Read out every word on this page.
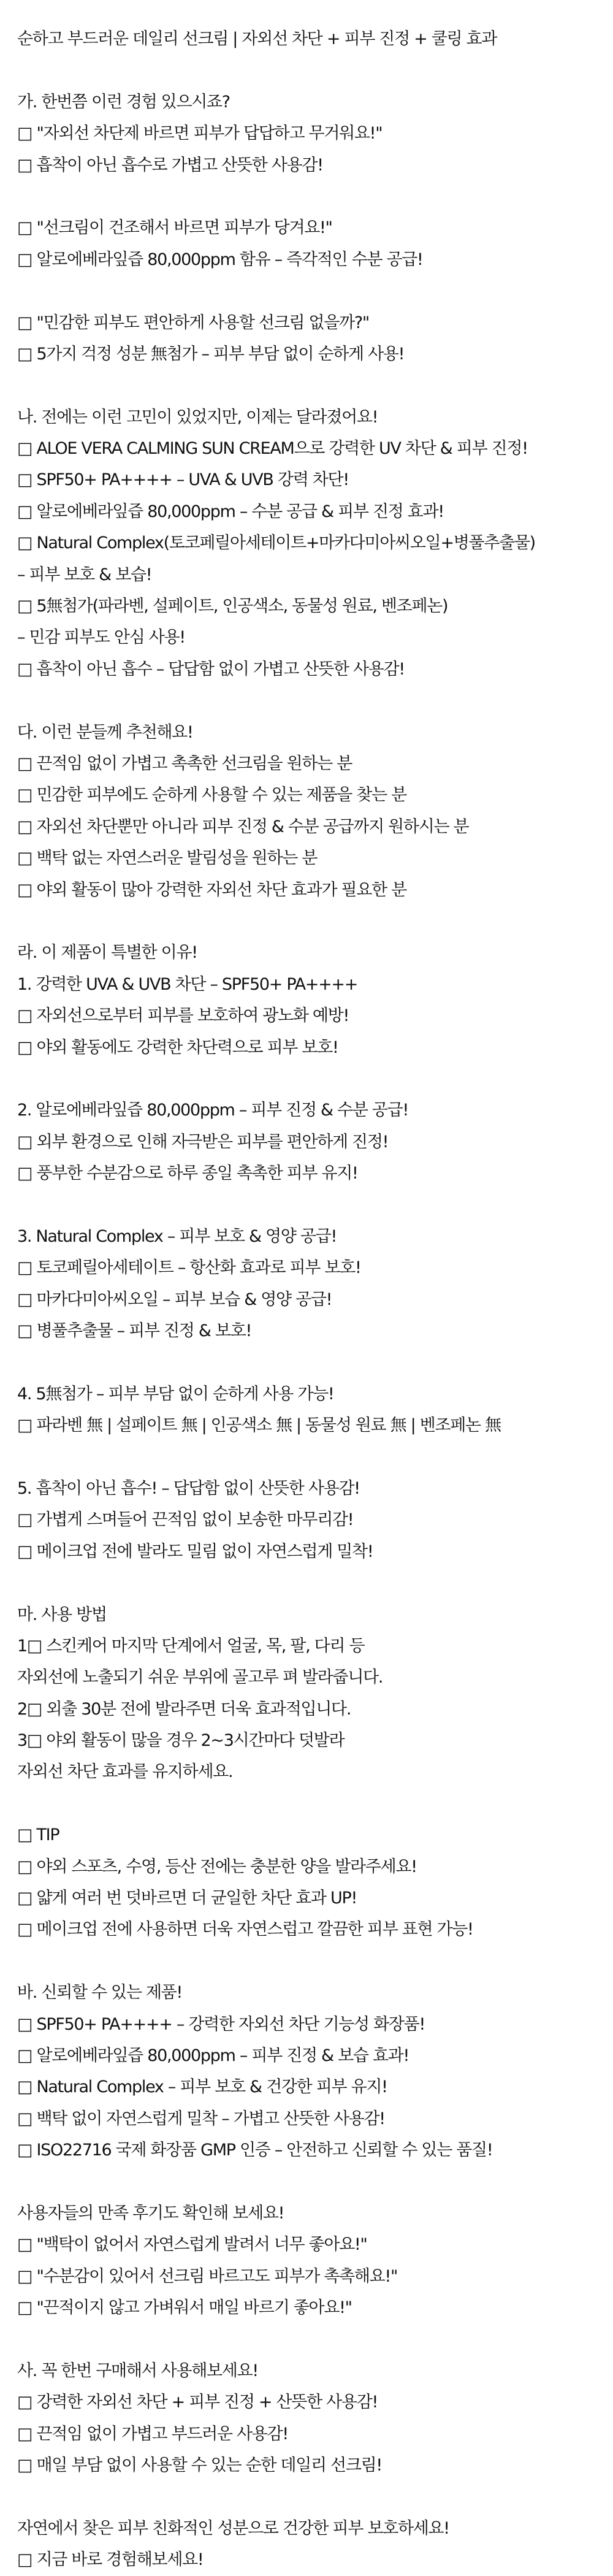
순하고 부드러운 데일리 선크림 | 자외선 차단 + 피부 진정 + 쿨링 효과
가. 한번쯤 이런 경험 있으시죠?
□ "자외선 차단제 바르면 피부가 답답하고 무거워요!"
□ 흡착이 아닌 흡수로 가볍고 산뜻한 사용감!
□ "선크림이 건조해서 바르면 피부가 당겨요!"
□ 알로에베라잎즙 80,000ppm 함유 – 즉각적인 수분 공급!
□ "민감한 피부도 편안하게 사용할 선크림 없을까?"
□ 5가지 걱정 성분 無첨가 – 피부 부담 없이 순하게 사용!
나. 전에는 이런 고민이 있었지만, 이제는 달라졌어요!
□ ALOE VERA CALMING SUN CREAM으로 강력한 UV 차단 & 피부 진정!
□ SPF50+ PA++++ – UVA & UVB 강력 차단!
□ 알로에베라잎즙 80,000ppm – 수분 공급 & 피부 진정 효과!
□ Natural Complex(토코페릴아세테이트+마카다미아씨오일+병풀추출물)
– 피부 보호 & 보습!
□ 5無첨가(파라벤, 설페이트, 인공색소, 동물성 원료, 벤조페논)
– 민감 피부도 안심 사용!
□ 흡착이 아닌 흡수 – 답답함 없이 가볍고 산뜻한 사용감!
다. 이런 분들께 추천해요!
□ 끈적임 없이 가볍고 촉촉한 선크림을 원하는 분
□ 민감한 피부에도 순하게 사용할 수 있는 제품을 찾는 분
□ 자외선 차단뿐만 아니라 피부 진정 & 수분 공급까지 원하시는 분
□ 백탁 없는 자연스러운 발림성을 원하는 분
□ 야외 활동이 많아 강력한 자외선 차단 효과가 필요한 분
라. 이 제품이 특별한 이유!
1. 강력한 UVA & UVB 차단 – SPF50+ PA++++
□ 자외선으로부터 피부를 보호하여 광노화 예방!
□ 야외 활동에도 강력한 차단력으로 피부 보호!
2. 알로에베라잎즙 80,000ppm – 피부 진정 & 수분 공급!
□ 외부 환경으로 인해 자극받은 피부를 편안하게 진정!
□ 풍부한 수분감으로 하루 종일 촉촉한 피부 유지!
3. Natural Complex – 피부 보호 & 영양 공급!
□ 토코페릴아세테이트 – 항산화 효과로 피부 보호!
□ 마카다미아씨오일 – 피부 보습 & 영양 공급!
□ 병풀추출물 – 피부 진정 & 보호!
4. 5無첨가 – 피부 부담 없이 순하게 사용 가능!
□ 파라벤 無 | 설페이트 無 | 인공색소 無 | 동물성 원료 無 | 벤조페논 無
5. 흡착이 아닌 흡수! – 답답함 없이 산뜻한 사용감!
□ 가볍게 스며들어 끈적임 없이 보송한 마무리감!
□ 메이크업 전에 발라도 밀림 없이 자연스럽게 밀착!
마. 사용 방법
1□ 스킨케어 마지막 단계에서 얼굴, 목, 팔, 다리 등
자외선에 노출되기 쉬운 부위에 골고루 펴 발라줍니다.
2□ 외출 30분 전에 발라주면 더욱 효과적입니다.
3□ 야외 활동이 많을 경우 2~3시간마다 덧발라
자외선 차단 효과를 유지하세요.
□ TIP
□ 야외 스포츠, 수영, 등산 전에는 충분한 양을 발라주세요!
□ 얇게 여러 번 덧바르면 더 균일한 차단 효과 UP!
□ 메이크업 전에 사용하면 더욱 자연스럽고 깔끔한 피부 표현 가능!
바. 신뢰할 수 있는 제품!
□ SPF50+ PA++++ – 강력한 자외선 차단 기능성 화장품!
□ 알로에베라잎즙 80,000ppm – 피부 진정 & 보습 효과!
□ Natural Complex – 피부 보호 & 건강한 피부 유지!
□ 백탁 없이 자연스럽게 밀착 – 가볍고 산뜻한 사용감!
□ ISO22716 국제 화장품 GMP 인증 – 안전하고 신뢰할 수 있는 품질!
사용자들의 만족 후기도 확인해 보세요!
□ "백탁이 없어서 자연스럽게 발려서 너무 좋아요!"
□ "수분감이 있어서 선크림 바르고도 피부가 촉촉해요!"
□ "끈적이지 않고 가벼워서 매일 바르기 좋아요!"
사. 꼭 한번 구매해서 사용해보세요!
□ 강력한 자외선 차단 + 피부 진정 + 산뜻한 사용감!
□ 끈적임 없이 가볍고 부드러운 사용감!
□ 매일 부담 없이 사용할 수 있는 순한 데일리 선크림!
자연에서 찾은 피부 친화적인 성분으로 건강한 피부 보호하세요!
□ 지금 바로 경험해보세요!
